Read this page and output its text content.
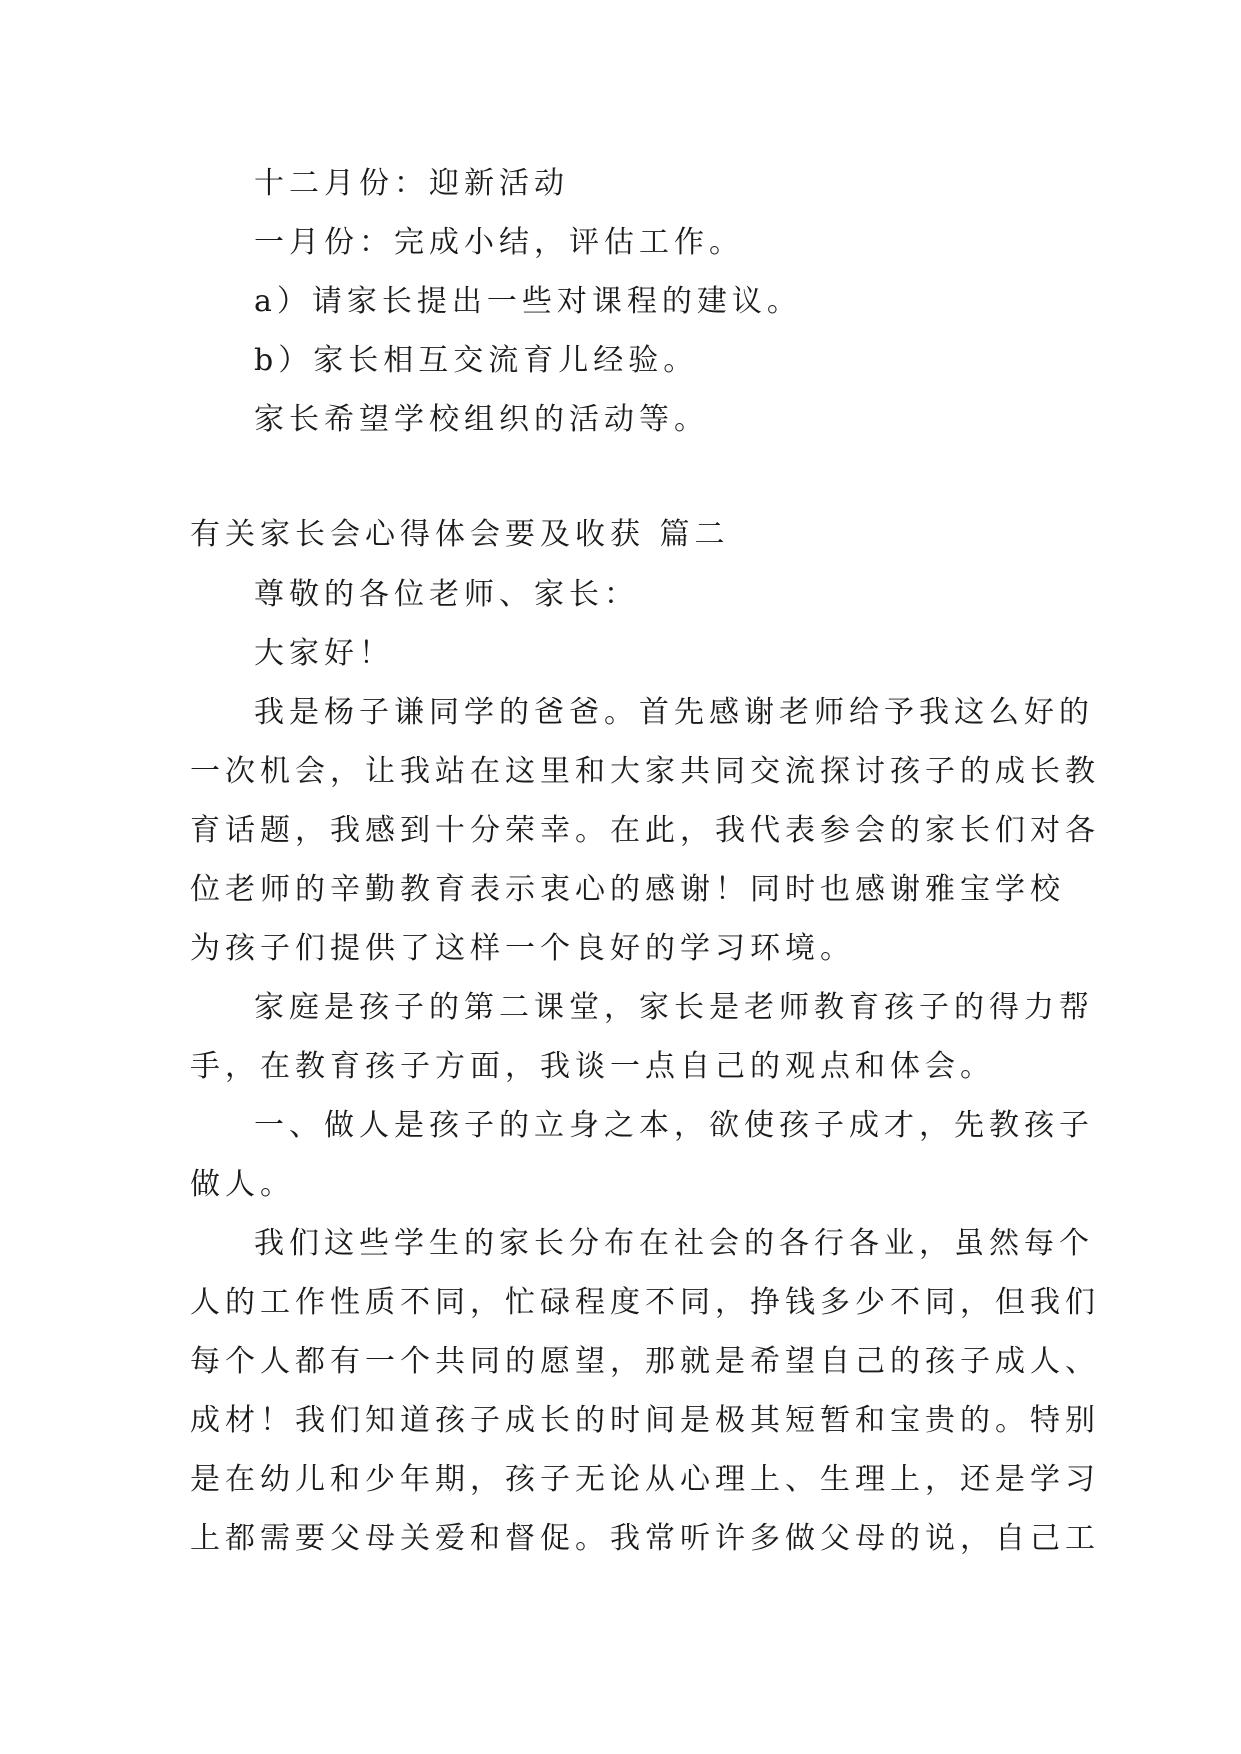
十二月份：迎新活动
一月份：完成小结，评估工作。
a）请家长提出一些对课程的建议。
b）家长相互交流育儿经验。
家长希望学校组织的活动等。
有关家长会心得体会要及收获 篇二
尊敬的各位老师、家长：
大家好！
我是杨子谦同学的爸爸。首先感谢老师给予我这么好的
一次机会，让我站在这里和大家共同交流探讨孩子的成长教
育话题，我感到十分荣幸。在此，我代表参会的家长们对各
位老师的辛勤教育表示衷心的感谢！同时也感谢雅宝学校
为孩子们提供了这样一个良好的学习环境。
家庭是孩子的第二课堂，家长是老师教育孩子的得力帮
手，在教育孩子方面，我谈一点自己的观点和体会。
一、做人是孩子的立身之本，欲使孩子成才，先教孩子
做人。
我们这些学生的家长分布在社会的各行各业，虽然每个
人的工作性质不同，忙碌程度不同，挣钱多少不同，但我们
每个人都有一个共同的愿望，那就是希望自己的孩子成人、
成材！我们知道孩子成长的时间是极其短暂和宝贵的。特别
是在幼儿和少年期，孩子无论从心理上、生理上，还是学习
上都需要父母关爱和督促。我常听许多做父母的说，自己工
